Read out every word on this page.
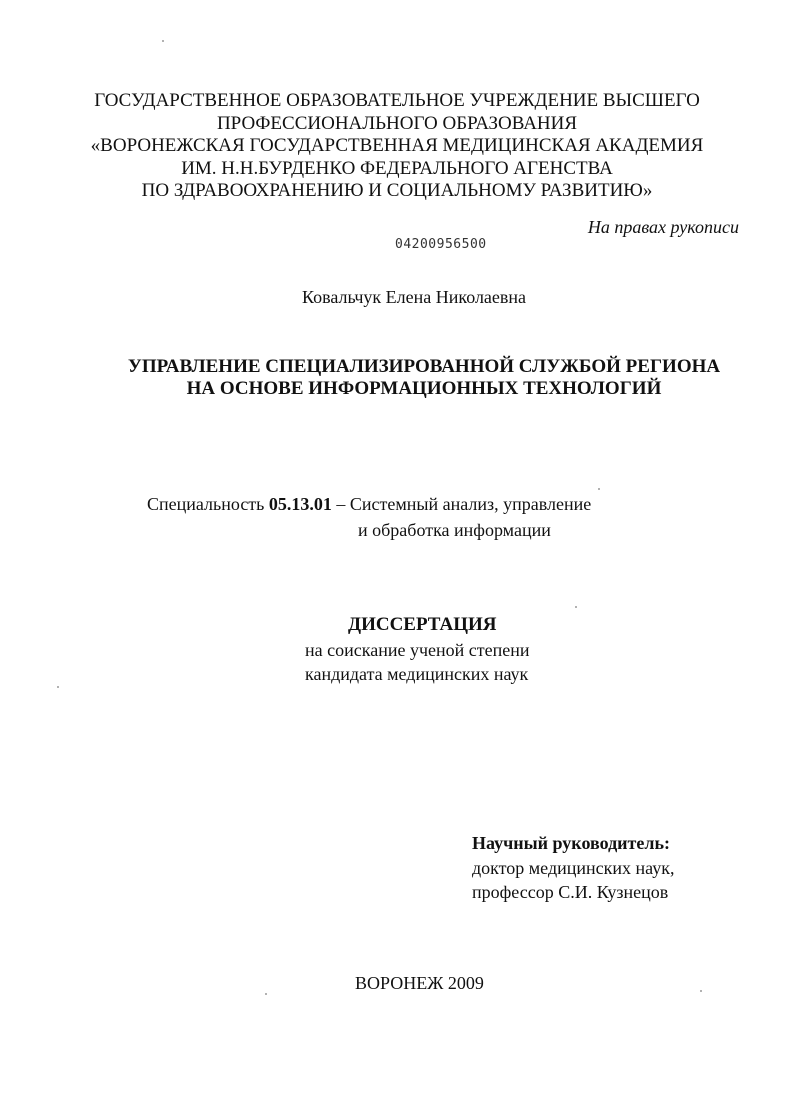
ГОСУДАРСТВЕННОЕ ОБРАЗОВАТЕЛЬНОЕ УЧРЕЖДЕНИЕ ВЫСШЕГО
ПРОФЕССИОНАЛЬНОГО ОБРАЗОВАНИЯ
«ВОРОНЕЖСКАЯ ГОСУДАРСТВЕННАЯ МЕДИЦИНСКАЯ АКАДЕМИЯ
ИМ. Н.Н.БУРДЕНКО ФЕДЕРАЛЬНОГО АГЕНСТВА
ПО ЗДРАВООХРАНЕНИЮ И СОЦИАЛЬНОМУ РАЗВИТИЮ»
На правах рукописи
04200956500
Ковальчук Елена Николаевна
УПРАВЛЕНИЕ СПЕЦИАЛИЗИРОВАННОЙ СЛУЖБОЙ РЕГИОНА
НА ОСНОВЕ ИНФОРМАЦИОННЫХ ТЕХНОЛОГИЙ
Специальность 05.13.01 – Системный анализ, управление
и обработка информации
ДИССЕРТАЦИЯ
на соискание ученой степени
кандидата медицинских наук
Научный руководитель:
доктор медицинских наук,
профессор С.И. Кузнецов
ВОРОНЕЖ 2009
